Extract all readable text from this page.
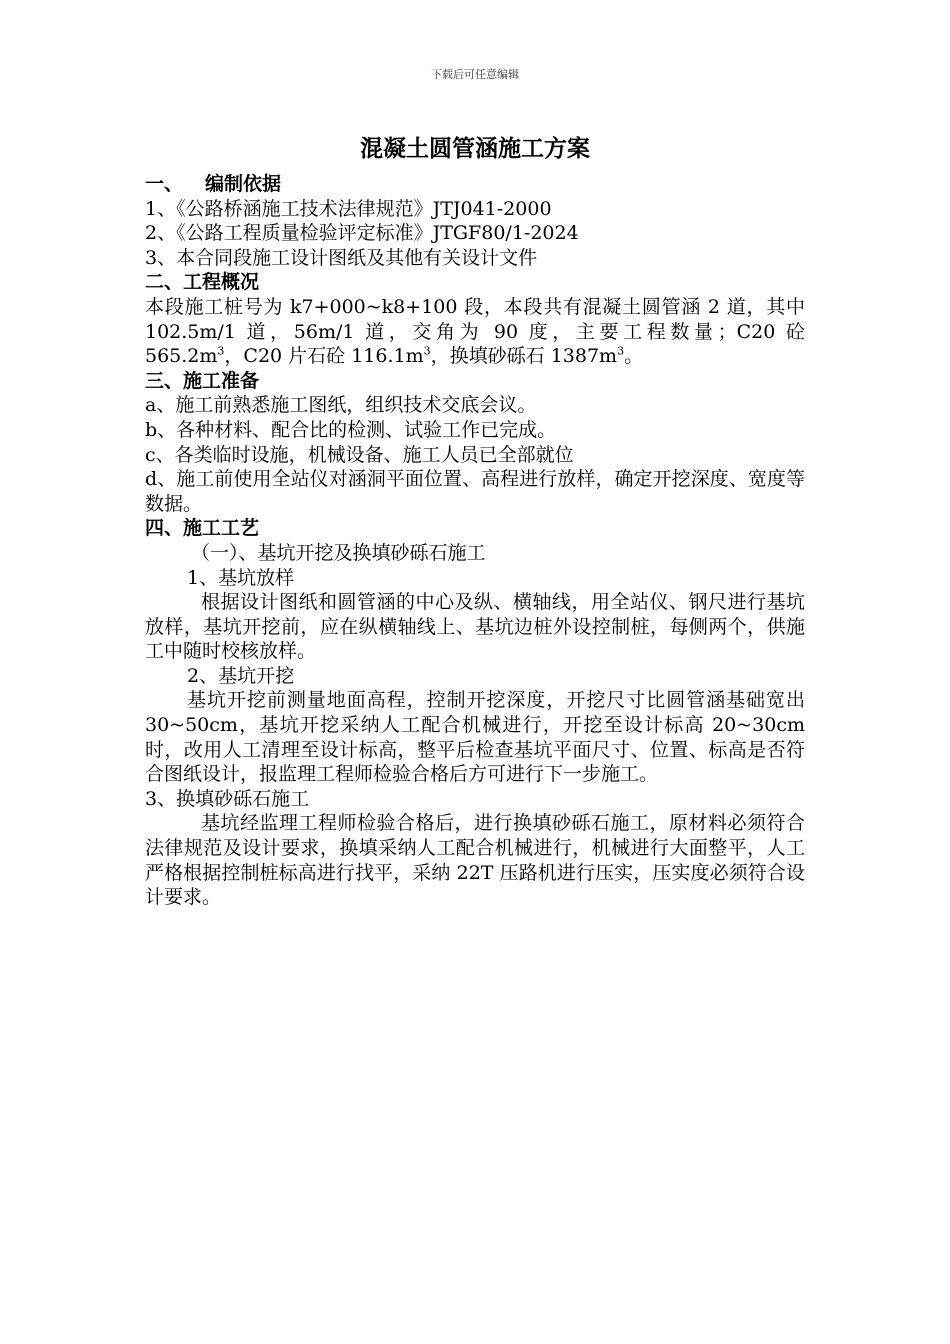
下载后可任意编辑
混凝土圆管涵施工方案
一、 编制依据
1、《公路桥涵施工技术法律规范》JTJ041-2000
2、《公路工程质量检验评定标准》JTGF80/1-2024
3、本合同段施工设计图纸及其他有关设计文件
二、工程概况
本段施工桩号为 k7+000~k8+100 段，本段共有混凝土圆管涵 2 道，其中 102.5m/1 道，56m/1 道，交角为 90 度，主要工程数量；C20 砼 $565.2m^3$，C20 片石砼 $116.1m^3$，换填砂砾石 $1387m^3$。
三、施工准备
a、施工前熟悉施工图纸，组织技术交底会议。
b、各种材料、配合比的检测、试验工作已完成。
c、各类临时设施，机械设备、施工人员已全部就位
d、施工前使用全站仪对涵洞平面位置、高程进行放样，确定开挖深度、宽度等数据。
四、施工工艺
（一）、基坑开挖及换填砂砾石施工
1、基坑放样
根据设计图纸和圆管涵的中心及纵、横轴线，用全站仪、钢尺进行基坑放样，基坑开挖前，应在纵横轴线上、基坑边桩外设控制桩，每侧两个，供施工中随时校核放样。
2、基坑开挖
基坑开挖前测量地面高程，控制开挖深度，开挖尺寸比圆管涵基础宽出 30~50cm，基坑开挖采纳人工配合机械进行，开挖至设计标高 20~30cm 时，改用人工清理至设计标高，整平后检查基坑平面尺寸、位置、标高是否符合图纸设计，报监理工程师检验合格后方可进行下一步施工。
3、换填砂砾石施工
基坑经监理工程师检验合格后，进行换填砂砾石施工，原材料必须符合法律规范及设计要求，换填采纳人工配合机械进行，机械进行大面整平，人工严格根据控制桩标高进行找平，采纳 22T 压路机进行压实，压实度必须符合设计要求。
